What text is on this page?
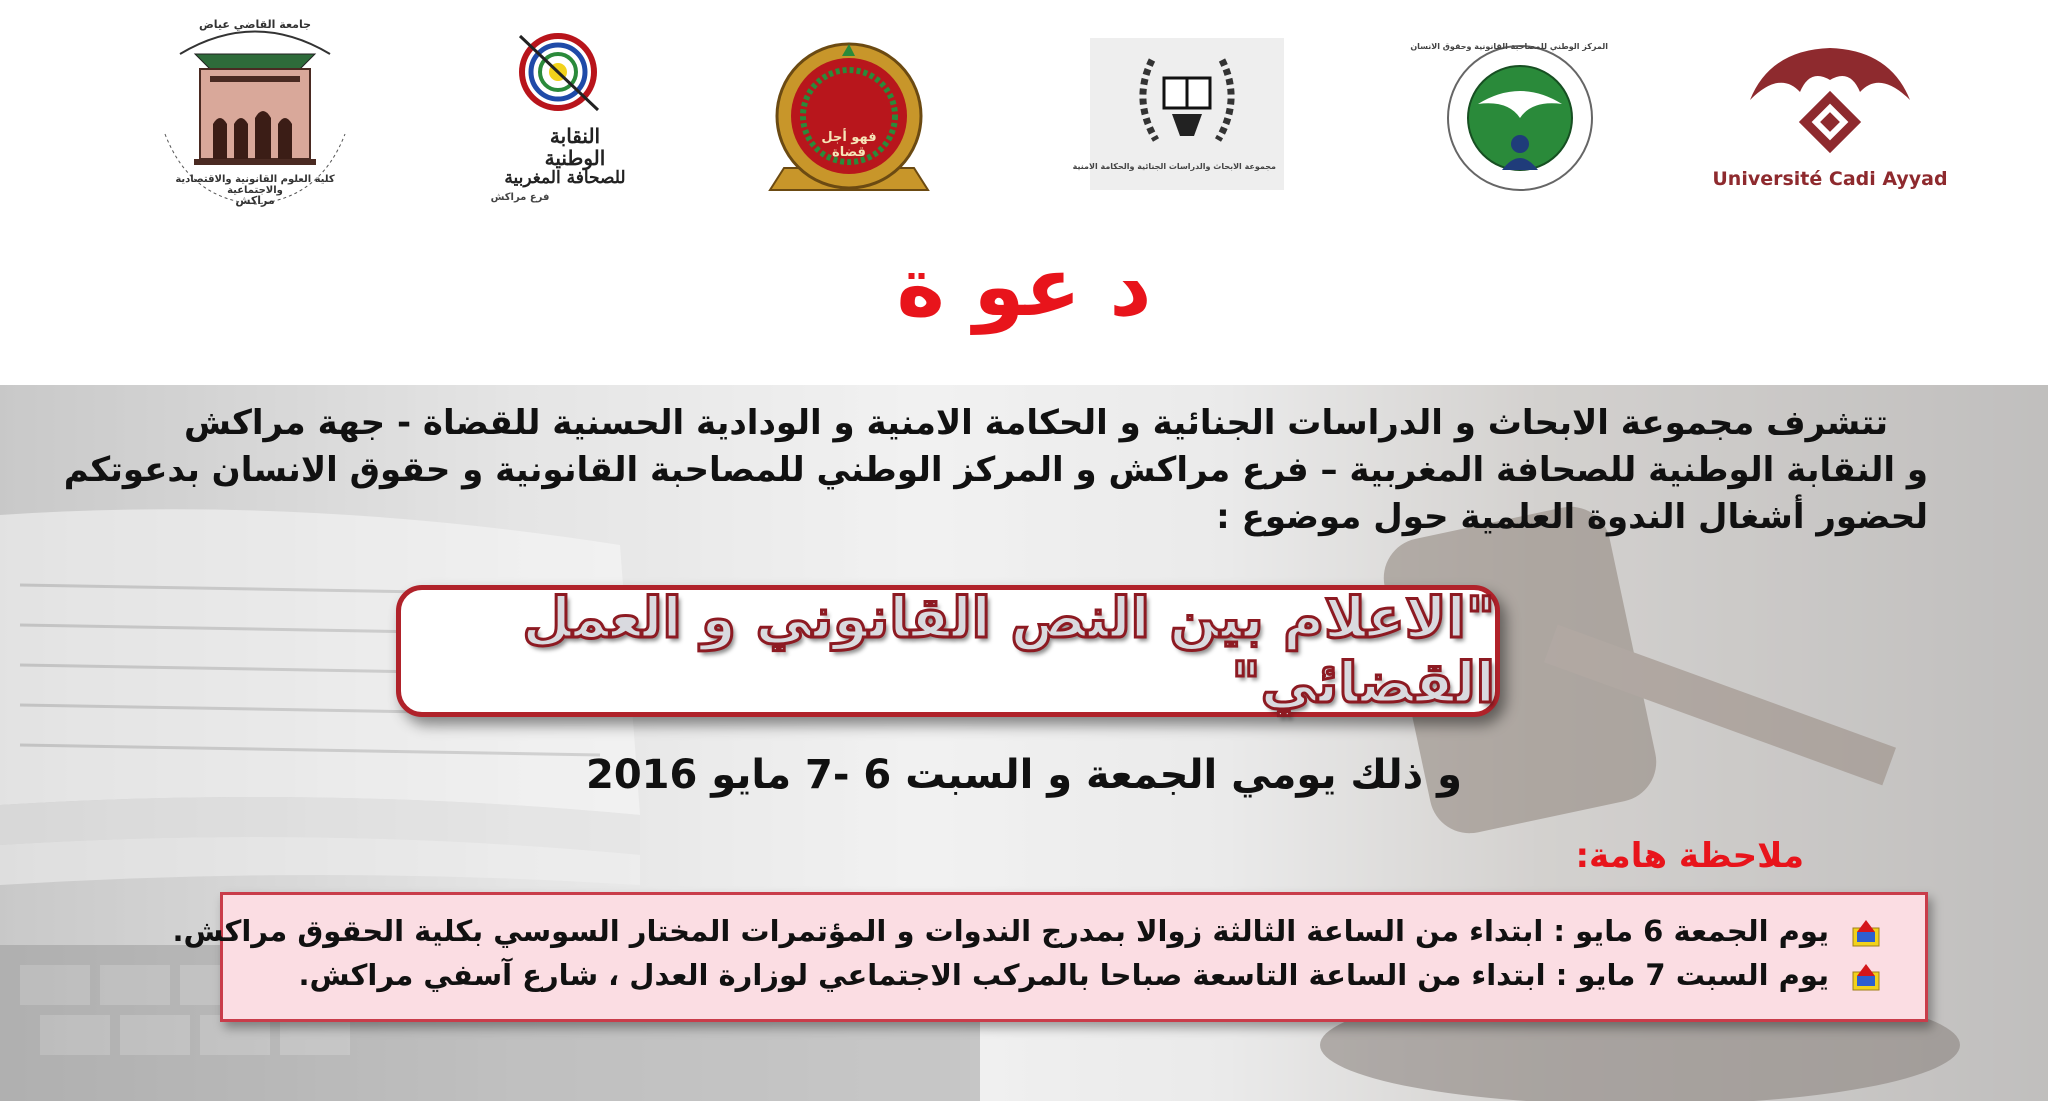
جامعة القاضي عياض
كلية العلوم القانونية والاقتصادية والاجتماعية
مراكش
النقابة
الوطنية
للصحافة المغربية
فرع مراكش
فهو أجل قضاة
مجموعة الابحاث والدراسات الجنائية والحكامة الامنية
المركز الوطني للمصاحبة القانونية وحقوق الانسان
Université Cadi Ayyad
د عو ة
تتشرف مجموعة الابحاث و الدراسات الجنائية و الحكامة الامنية و الودادية الحسنية للقضاة - جهة مراكش
و النقابة الوطنية للصحافة المغربية – فرع مراكش و المركز الوطني للمصاحبة القانونية و حقوق الانسان بدعوتكم
لحضور أشغال الندوة العلمية حول موضوع :
"الاعلام بين النص القانوني و العمل القضائي"
و ذلك يومي الجمعة و السبت 6 -7 مايو 2016
ملاحظة هامة:
يوم الجمعة 6 مايو : ابتداء من الساعة الثالثة زوالا بمدرج الندوات و المؤتمرات المختار السوسي بكلية الحقوق مراكش.
يوم السبت 7 مايو : ابتداء من الساعة التاسعة صباحا بالمركب الاجتماعي لوزارة العدل ، شارع آسفي مراكش.
